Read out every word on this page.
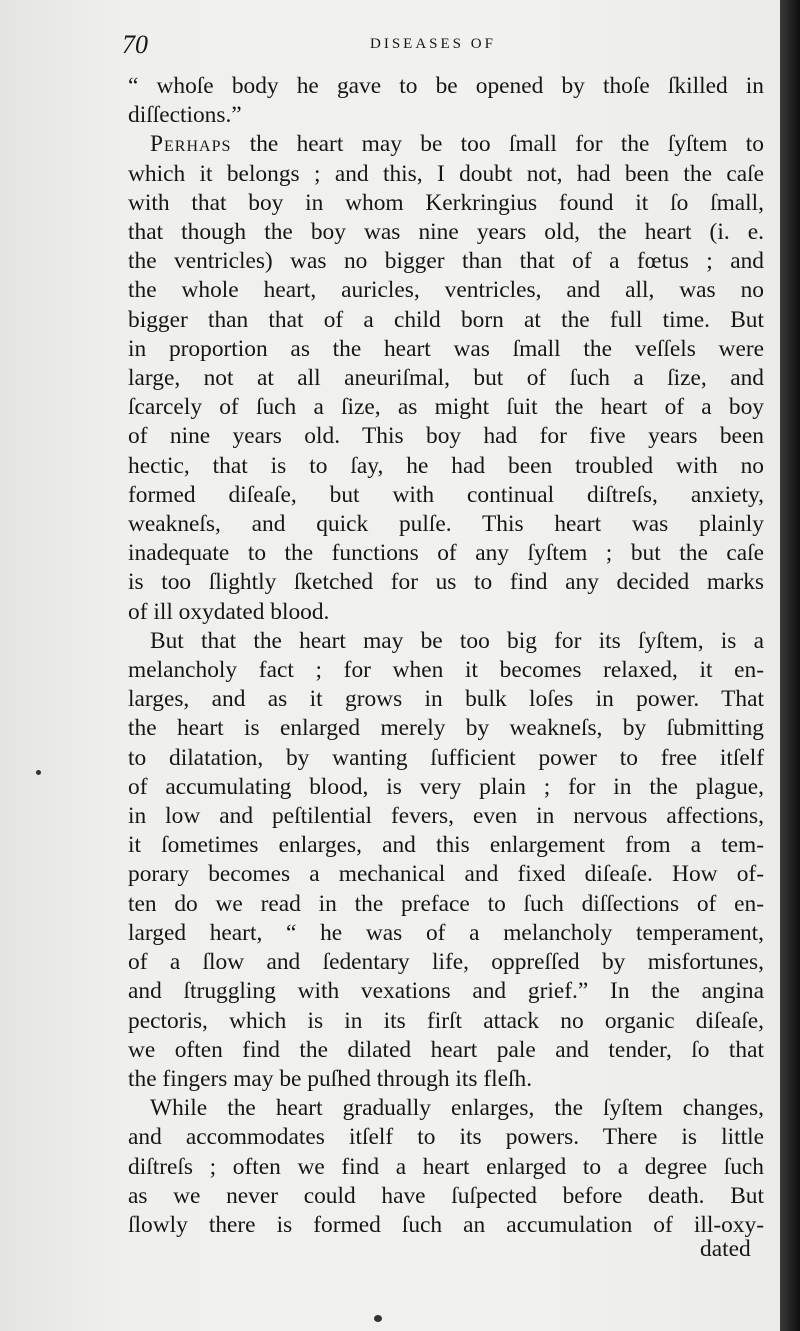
70	DISEASES OF
“ whoſe body he gave to be opened by thoſe ſkilled in
diſſections.”
Perhaps the heart may be too ſmall for the ſyſtem to
which it belongs ; and this, I doubt not, had been the caſe
with that boy in whom Kerkringius found it ſo ſmall,
that though the boy was nine years old, the heart (i. e.
the ventricles) was no bigger than that of a fœtus ; and
the whole heart, auricles, ventricles, and all, was no
bigger than that of a child born at the full time. But
in proportion as the heart was ſmall the veſſels were
large, not at all aneuriſmal, but of ſuch a ſize, and
ſcarcely of ſuch a ſize, as might ſuit the heart of a boy
of nine years old. This boy had for five years been
hectic, that is to ſay, he had been troubled with no
formed diſeaſe, but with continual diſtreſs, anxiety,
weakneſs, and quick pulſe. This heart was plainly
inadequate to the functions of any ſyſtem ; but the caſe
is too ſlightly ſketched for us to find any decided marks
of ill oxydated blood.
But that the heart may be too big for its ſyſtem, is a
melancholy fact ; for when it becomes relaxed, it en-
larges, and as it grows in bulk loſes in power. That
the heart is enlarged merely by weakneſs, by ſubmitting
to dilatation, by wanting ſufficient power to free itſelf
of accumulating blood, is very plain ; for in the plague,
in low and peſtilential fevers, even in nervous affections,
it ſometimes enlarges, and this enlargement from a tem-
porary becomes a mechanical and fixed diſeaſe. How of-
ten do we read in the preface to ſuch diſſections of en-
larged heart, “ he was of a melancholy temperament,
of a ſlow and ſedentary life, oppreſſed by misfortunes,
and ſtruggling with vexations and grief.” In the angina
pectoris, which is in its firſt attack no organic diſeaſe,
we often find the dilated heart pale and tender, ſo that
the fingers may be puſhed through its fleſh.
While the heart gradually enlarges, the ſyſtem changes,
and accommodates itſelf to its powers. There is little
diſtreſs ; often we find a heart enlarged to a degree ſuch
as we never could have ſuſpected before death. But
ſlowly there is formed ſuch an accumulation of ill-oxy-
dated
